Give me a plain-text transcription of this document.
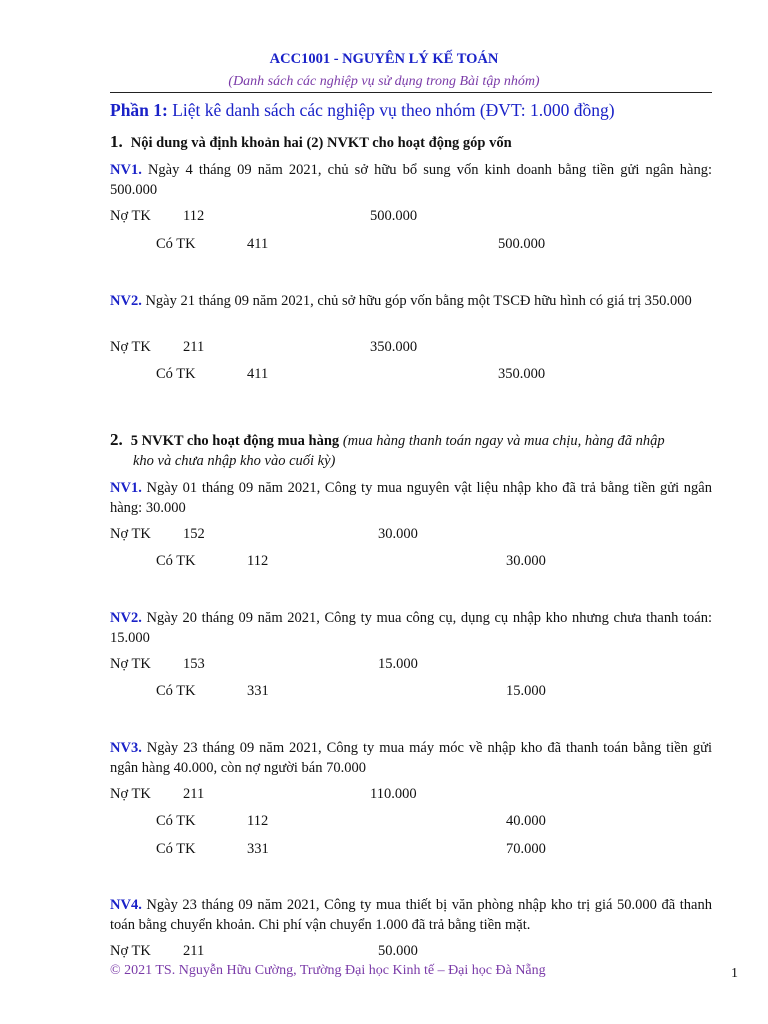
ACC1001 - NGUYÊN LÝ KẾ TOÁN
(Danh sách các nghiệp vụ sử dụng trong Bài tập nhóm)
Phần 1: Liệt kê danh sách các nghiệp vụ theo nhóm (ĐVT: 1.000 đồng)
1. Nội dung và định khoản hai (2) NVKT cho hoạt động góp vốn
NV1. Ngày 4 tháng 09 năm 2021, chủ sở hữu bổ sung vốn kinh doanh bằng tiền gửi ngân hàng: 500.000
Nợ TK 112	500.000
Có TK	411	500.000
NV2. Ngày 21 tháng 09 năm 2021, chủ sở hữu góp vốn bằng một TSCĐ hữu hình có giá trị 350.000
Nợ TK 211	350.000
Có TK	411	350.000
2. 5 NVKT cho hoạt động mua hàng (mua hàng thanh toán ngay và mua chịu, hàng đã nhập
kho và chưa nhập kho vào cuối kỳ)
NV1. Ngày 01 tháng 09 năm 2021, Công ty mua nguyên vật liệu nhập kho đã trả bằng tiền gửi ngân hàng: 30.000
Nợ TK 152	30.000
Có TK	112	30.000
NV2. Ngày 20 tháng 09 năm 2021, Công ty mua công cụ, dụng cụ nhập kho nhưng chưa thanh toán: 15.000
Nợ TK 153	15.000
Có TK	331	15.000
NV3. Ngày 23 tháng 09 năm 2021, Công ty mua máy móc về nhập kho đã thanh toán bằng tiền gửi ngân hàng 40.000, còn nợ người bán 70.000
Nợ TK 211	110.000
Có TK	112	40.000
Có TK	331	70.000
NV4. Ngày 23 tháng 09 năm 2021, Công ty mua thiết bị văn phòng nhập kho trị giá 50.000 đã thanh toán bằng chuyển khoản. Chi phí vận chuyển 1.000 đã trả bằng tiền mặt.
Nợ TK 211	50.000
© 2021 TS. Nguyễn Hữu Cường, Trường Đại học Kinh tế – Đại học Đà Nẵng	1
